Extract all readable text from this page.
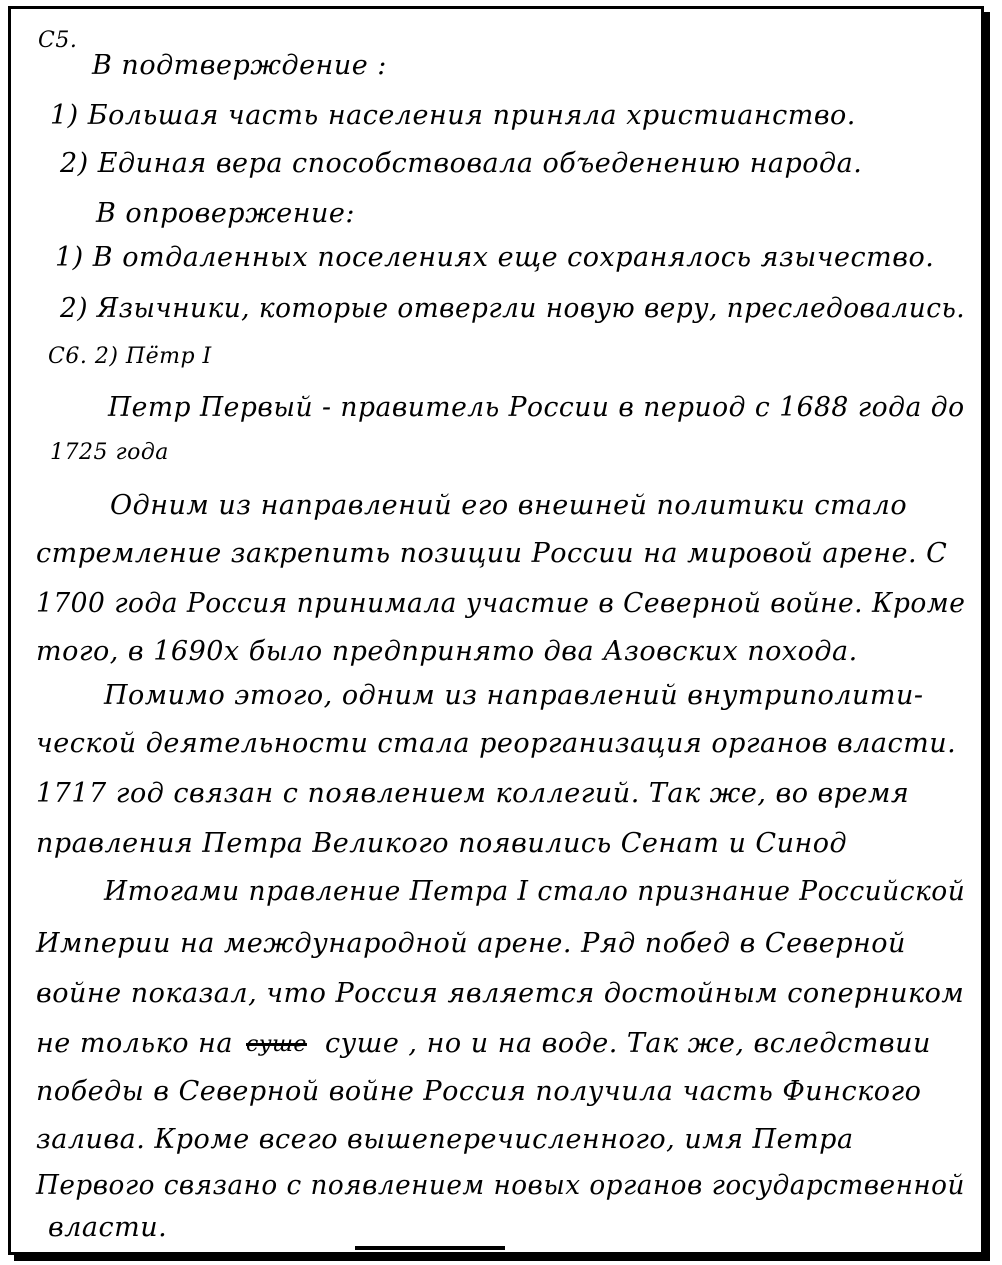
С5.
В подтверждение :
1) Большая часть населения приняла христианство.
2) Единая вера способствовала объеденению народа.
В опровержение:
1) В отдаленных поселениях еще сохранялось язычество.
2) Язычники, которые отвергли новую веру, преследовались.
С6. 2) Пётр I
Петр Первый - правитель России в период с 1688 года до
1725 года
Одним из направлений его внешней политики стало
стремление закрепить позиции России на мировой арене. С
1700 года Россия принимала участие в Северной войне. Кроме
того, в 1690х было предпринято два Азовских похода.
Помимо этого, одним из направлений внутриполити-
ческой деятельности стала реорганизация органов власти.
1717 год связан с появлением коллегий. Так же, во время
правления Петра Великого появились Сенат и Синод
Итогами правление Петра I стало признание Российской
Империи на международной арене. Ряд побед в Северной
войне показал, что Россия является достойным соперником
не только на суше суше , но и на воде. Так же, вследствии
победы в Северной войне Россия получила часть Финского
залива. Кроме всего вышеперечисленного, имя Петра
Первого связано с появлением новых органов государственной
власти.
